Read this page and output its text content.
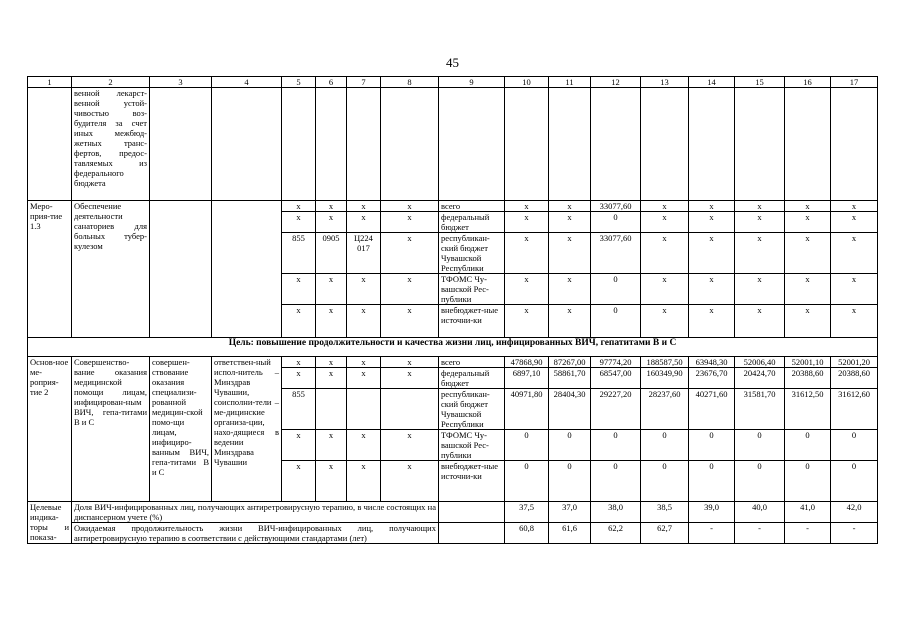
45
1	2	3	4	5	6	7	8	9	10	11	12	13	14	15	16	17
	венной лекарст-венной устой-чивостью воз-будителя за счет иных межбюд-жетных транс-фертов, предос-тавляемых из федерального бюджета															
Меро-прия-тие 1.3	Обеспечение деятельности санаториев для больных тубер-кулезом			х	х	х	х	всего	х	х	33077,60	х	х	х	х	х
				х	х	х	х	федеральный бюджет	х	х	0	х	х	х	х	х
				855	0905	Ц224 017	х	республикан-ский бюджет Чувашской Республики	х	х	33077,60	х	х	х	х	х
				х	х	х	х	ТФОМС Чу-вашской Рес-публики	х	х	0	х	х	х	х	х
				х	х	х	х	внебюджет-ные источни-ки	х	х	0	х	х	х	х	х
Цель: повышение продолжительности и качества жизни лиц, инфицированных ВИЧ, гепатитами В и С																
Основ-ное ме-роприя-тие 2	Совершенство-вание оказания медицинской помощи лицам, инфицирован-ным ВИЧ, гепа-титами В и С	совершен-ствование оказания специализи-рованной медицин-ской помо-щи лицам, инфициро-ванным ВИЧ, гепа-титами В и С	ответствен-ный испол-нитель – Минздрав Чувашии, соисполни-тели – ме-дицинские организа-ции, нахо-дящиеся в ведении Минздрава Чувашии	х	х	х	х	всего	47868,90	87267,00	97774,20	188587,50	63948,30	52006,40	52001,10	52001,20
				х	х	х	х	федеральный бюджет	6897,10	58861,70	68547,00	160349,90	23676,70	20424,70	20388,60	20388,60
				855				республикан-ский бюджет Чувашской Республики	40971,80	28404,30	29227,20	28237,60	40271,60	31581,70	31612,50	31612,60
				х	х	х	х	ТФОМС Чу-вашской Рес-публики	0	0	0	0	0	0	0	0
				х	х	х	х	внебюджет-ные источни-ки	0	0	0	0	0	0	0	0
Целевые индика-торы и показа-	Доля ВИЧ-инфицированных лиц, получающих антиретровирусную терапию, в числе состоящих на диспансерном учете (%)								37,5	37,0	38,0	38,5	39,0	40,0	41,0	42,0
	Ожидаемая продолжительность жизни ВИЧ-инфицированных лиц, получающих антиретровирусную терапию в соответствии с действующими стандартами (лет)								60,8	61,6	62,2	62,7	-	-	-	-
